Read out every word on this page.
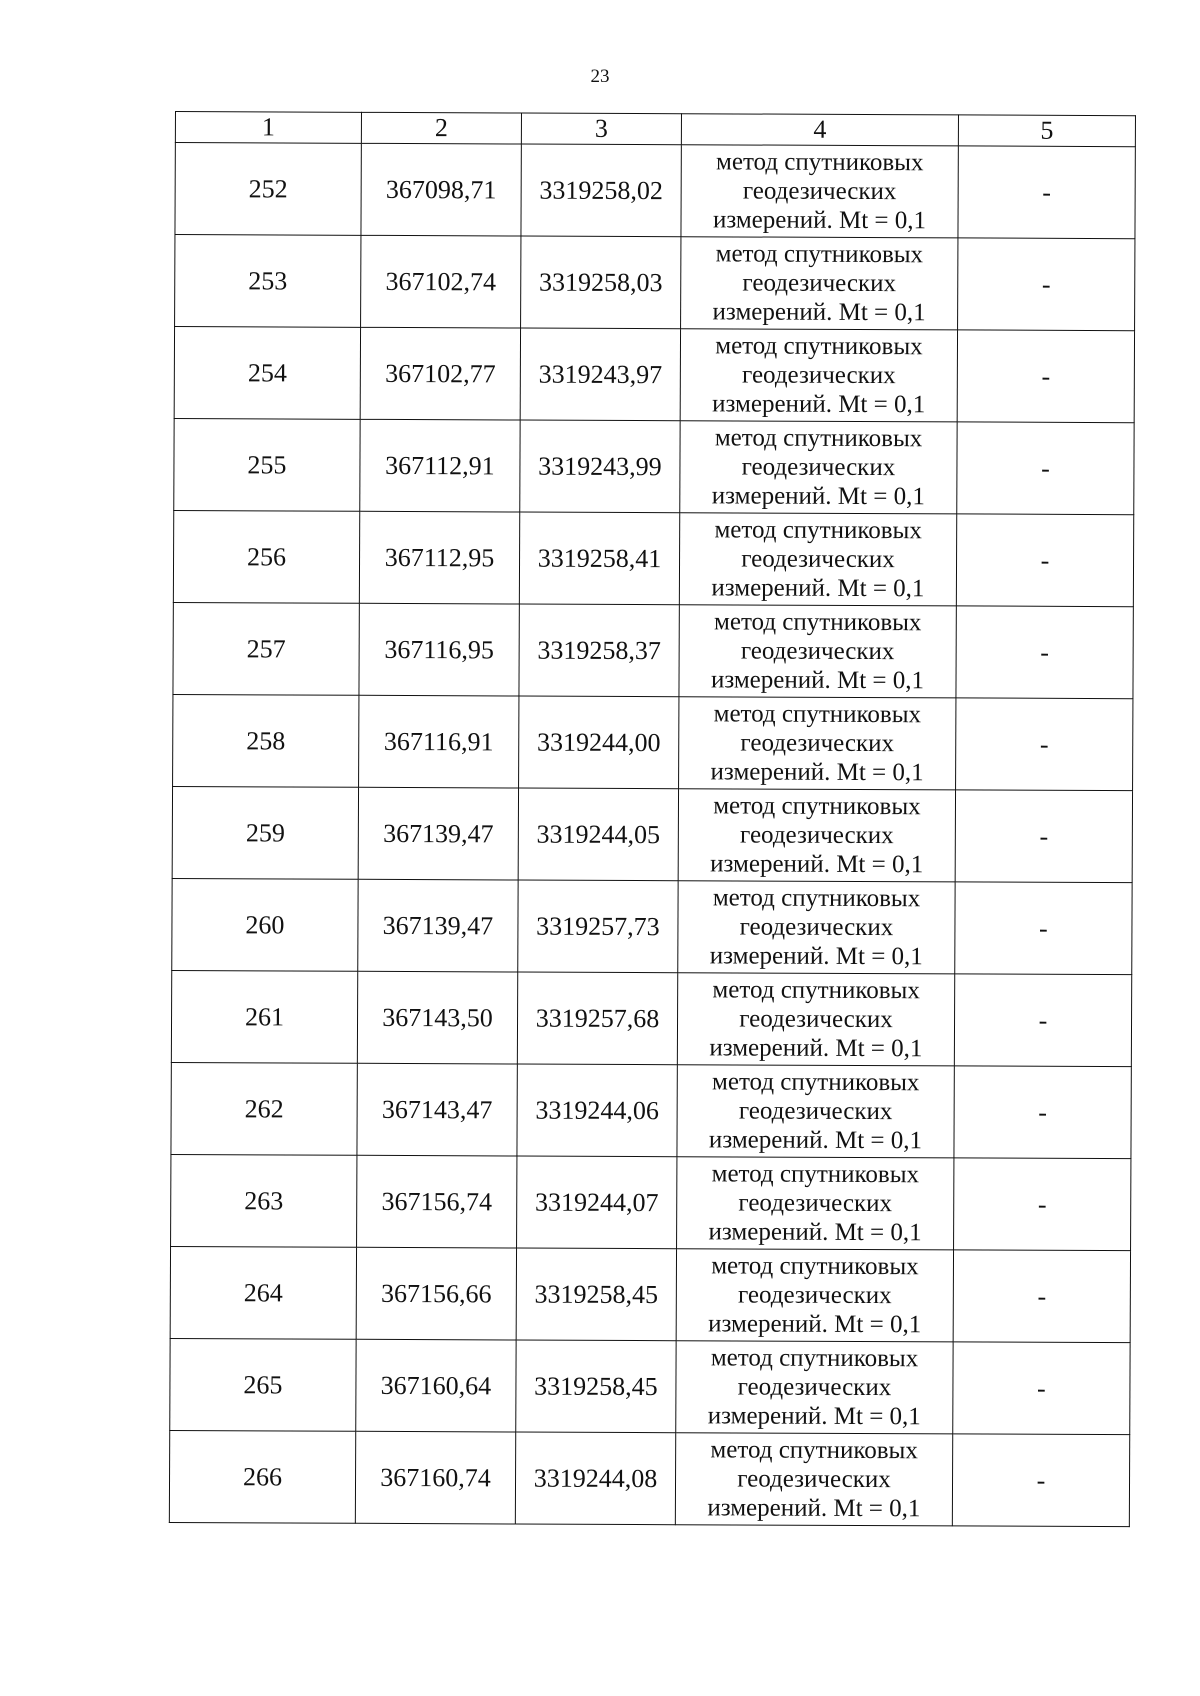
23
1	2	3	4	5
252	367098,71	3319258,02	метод спутниковых
геодезических
измерений. Mt = 0,1	-
253	367102,74	3319258,03	метод спутниковых
геодезических
измерений. Mt = 0,1	-
254	367102,77	3319243,97	метод спутниковых
геодезических
измерений. Mt = 0,1	-
255	367112,91	3319243,99	метод спутниковых
геодезических
измерений. Mt = 0,1	-
256	367112,95	3319258,41	метод спутниковых
геодезических
измерений. Mt = 0,1	-
257	367116,95	3319258,37	метод спутниковых
геодезических
измерений. Mt = 0,1	-
258	367116,91	3319244,00	метод спутниковых
геодезических
измерений. Mt = 0,1	-
259	367139,47	3319244,05	метод спутниковых
геодезических
измерений. Mt = 0,1	-
260	367139,47	3319257,73	метод спутниковых
геодезических
измерений. Mt = 0,1	-
261	367143,50	3319257,68	метод спутниковых
геодезических
измерений. Mt = 0,1	-
262	367143,47	3319244,06	метод спутниковых
геодезических
измерений. Mt = 0,1	-
263	367156,74	3319244,07	метод спутниковых
геодезических
измерений. Mt = 0,1	-
264	367156,66	3319258,45	метод спутниковых
геодезических
измерений. Mt = 0,1	-
265	367160,64	3319258,45	метод спутниковых
геодезических
измерений. Mt = 0,1	-
266	367160,74	3319244,08	метод спутниковых
геодезических
измерений. Mt = 0,1	-
